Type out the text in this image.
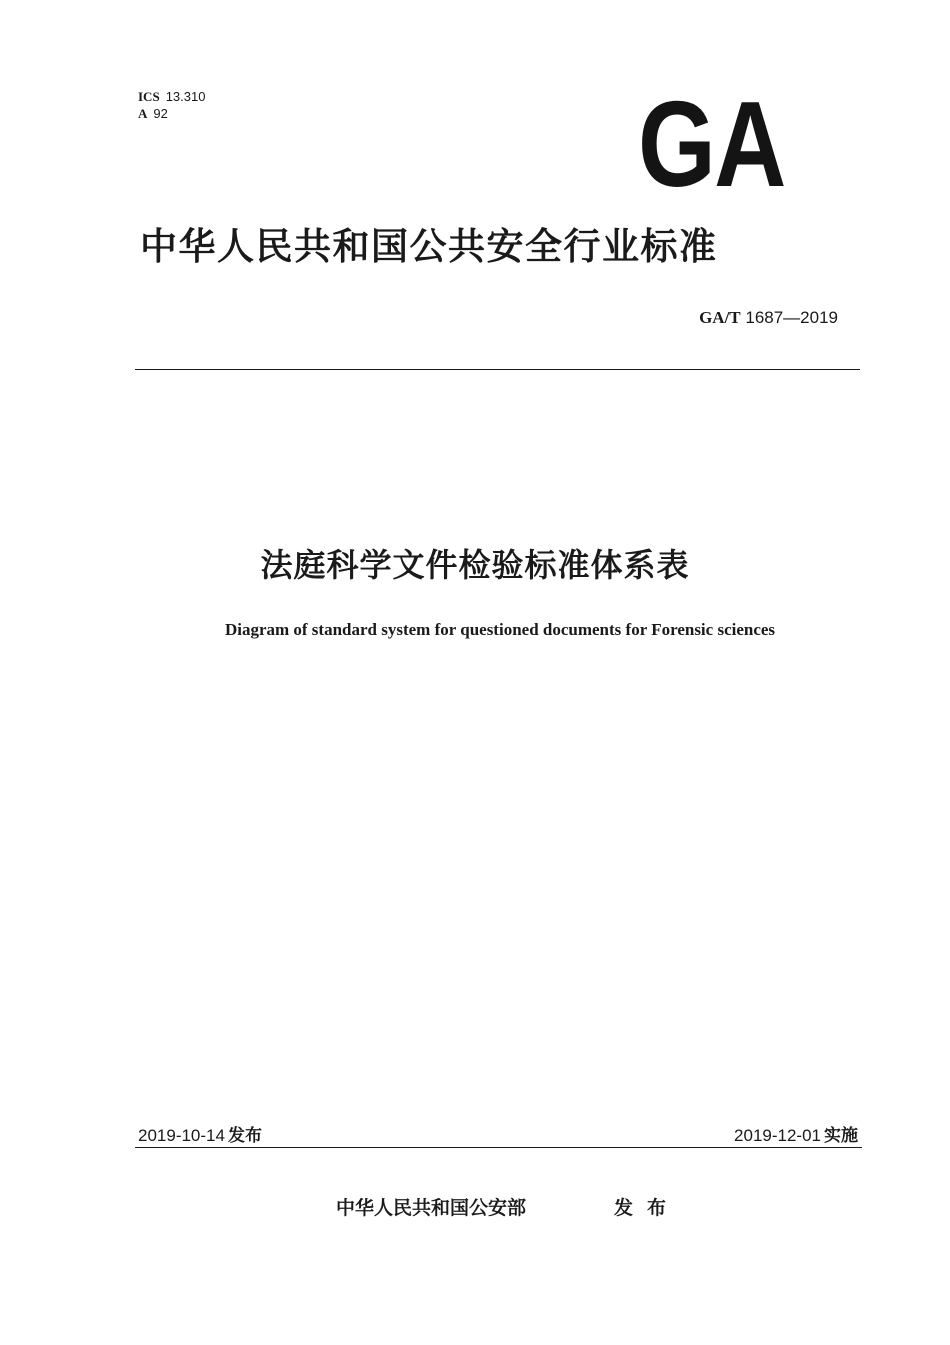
ICS 13.310
A 92	GA
中华人民共和国公共安全行业标准
GA/T 1687—2019
法庭科学文件检验标准体系表
Diagram of standard system for questioned documents for Forensic sciences
2019-10-14 发布	2019-12-01 实施
中华人民共和国公安部	发布
